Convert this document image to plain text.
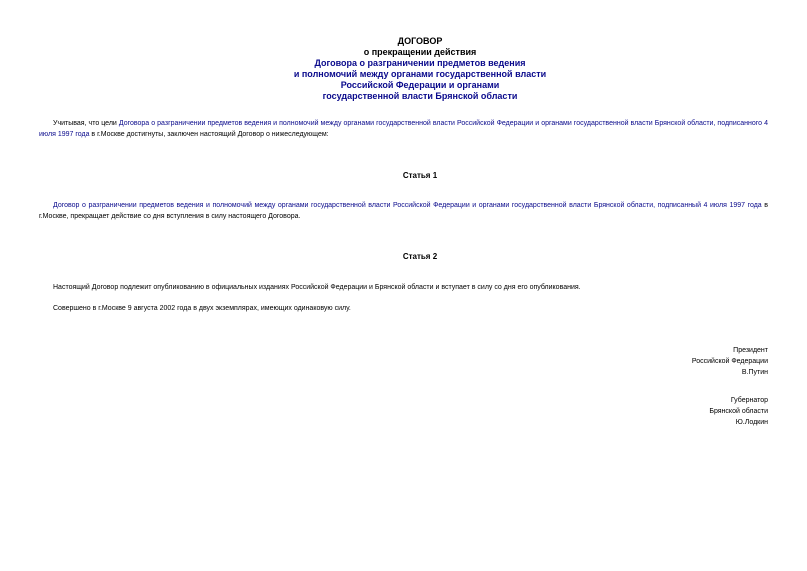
ДОГОВОР
о прекращении действия
Договора о разграничении предметов ведения
и полномочий между органами государственной власти
Российской Федерации и органами
государственной власти Брянской области
Учитывая, что цели Договора о разграничении предметов ведения и полномочий между органами государственной власти Российской Федерации и органами государственной власти Брянской области, подписанного 4 июля 1997 года в г.Москве достигнуты, заключен настоящий Договор о нижеследующем:
Статья 1
Договор о разграничении предметов ведения и полномочий между органами государственной власти Российской Федерации и органами государственной власти Брянской области, подписанный 4 июля 1997 года в г.Москве, прекращает действие со дня вступления в силу настоящего Договора.
Статья 2
Настоящий Договор подлежит опубликованию в официальных изданиях Российской Федерации и Брянской области и вступает в силу со дня его опубликования.
Совершено в г.Москве 9 августа 2002 года в двух экземплярах, имеющих одинаковую силу.
Президент
Российской Федерации
В.Путин
Губернатор
Брянской области
Ю.Лодкин
